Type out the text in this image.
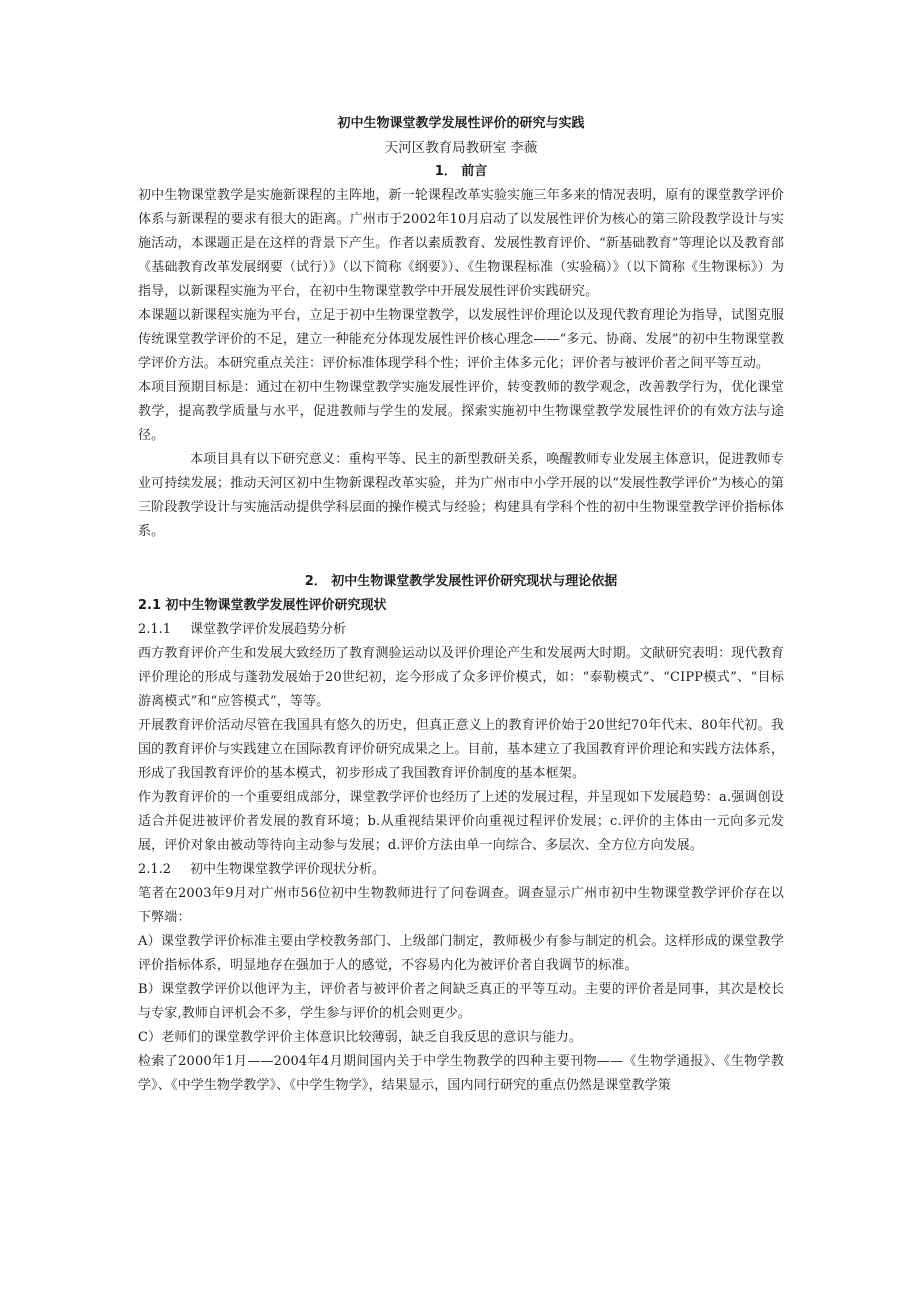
初中生物课堂教学发展性评价的研究与实践
天河区教育局教研室 李薇
1． 前言

初中生物课堂教学是实施新课程的主阵地，新一轮课程改革实验实施三年多来的情况表明，原有的课堂教学评价体系与新课程的要求有很大的距离。广州市于2002年10月启动了以发展性评价为核心的第三阶段教学设计与实施活动，本课题正是在这样的背景下产生。作者以素质教育、发展性教育评价、“新基础教育”等理论以及教育部《基础教育改革发展纲要（试行）》（以下简称《纲要》）、《生物课程标准（实验稿）》（以下简称《生物课标》）为指导，以新课程实施为平台，在初中生物课堂教学中开展发展性评价实践研究。

本课题以新课程实施为平台，立足于初中生物课堂教学，以发展性评价理论以及现代教育理论为指导，试图克服传统课堂教学评价的不足，建立一种能充分体现发展性评价核心理念——“多元、协商、发展”的初中生物课堂教学评价方法。本研究重点关注：评价标准体现学科个性；评价主体多元化；评价者与被评价者之间平等互动。

本项目预期目标是：通过在初中生物课堂教学实施发展性评价，转变教师的教学观念，改善教学行为，优化课堂教学，提高教学质量与水平，促进教师与学生的发展。探索实施初中生物课堂教学发展性评价的有效方法与途径。

本项目具有以下研究意义：重构平等、民主的新型教研关系，唤醒教师专业发展主体意识，促进教师专业可持续发展；推动天河区初中生物新课程改革实验，并为广州市中小学开展的以“发展性教学评价”为核心的第三阶段教学设计与实施活动提供学科层面的操作模式与经验；构建具有学科个性的初中生物课堂教学评价指标体系。

2． 初中生物课堂教学发展性评价研究现状与理论依据
2.1 初中生物课堂教学发展性评价研究现状
2.1.1 课堂教学评价发展趋势分析

西方教育评价产生和发展大致经历了教育测验运动以及评价理论产生和发展两大时期。文献研究表明：现代教育评价理论的形成与蓬勃发展始于20世纪初，迄今形成了众多评价模式，如：“泰勒模式”、“CIPP模式”、“目标游离模式”和“应答模式”，等等。

开展教育评价活动尽管在我国具有悠久的历史，但真正意义上的教育评价始于20世纪70年代末、80年代初。我国的教育评价与实践建立在国际教育评价研究成果之上。目前，基本建立了我国教育评价理论和实践方法体系，形成了我国教育评价的基本模式，初步形成了我国教育评价制度的基本框架。

作为教育评价的一个重要组成部分，课堂教学评价也经历了上述的发展过程，并呈现如下发展趋势：a.强调创设适合并促进被评价者发展的教育环境；b.从重视结果评价向重视过程评价发展；c.评价的主体由一元向多元发展，评价对象由被动等待向主动参与发展；d.评价方法由单一向综合、多层次、全方位方向发展。

2.1.2 初中生物课堂教学评价现状分析。

笔者在2003年9月对广州市56位初中生物教师进行了问卷调查。调查显示广州市初中生物课堂教学评价存在以下弊端：

A）课堂教学评价标准主要由学校教务部门、上级部门制定，教师极少有参与制定的机会。这样形成的课堂教学评价指标体系，明显地存在强加于人的感觉，不容易内化为被评价者自我调节的标准。

B）课堂教学评价以他评为主，评价者与被评价者之间缺乏真正的平等互动。主要的评价者是同事，其次是校长与专家,教师自评机会不多，学生参与评价的机会则更少。

C）老师们的课堂教学评价主体意识比较薄弱，缺乏自我反思的意识与能力。

检索了2000年1月——2004年4月期间国内关于中学生物教学的四种主要刊物——《生物学通报》、《生物学教学》、《中学生物学教学》、《中学生物学》，结果显示，国内同行研究的重点仍然是课堂教学策
